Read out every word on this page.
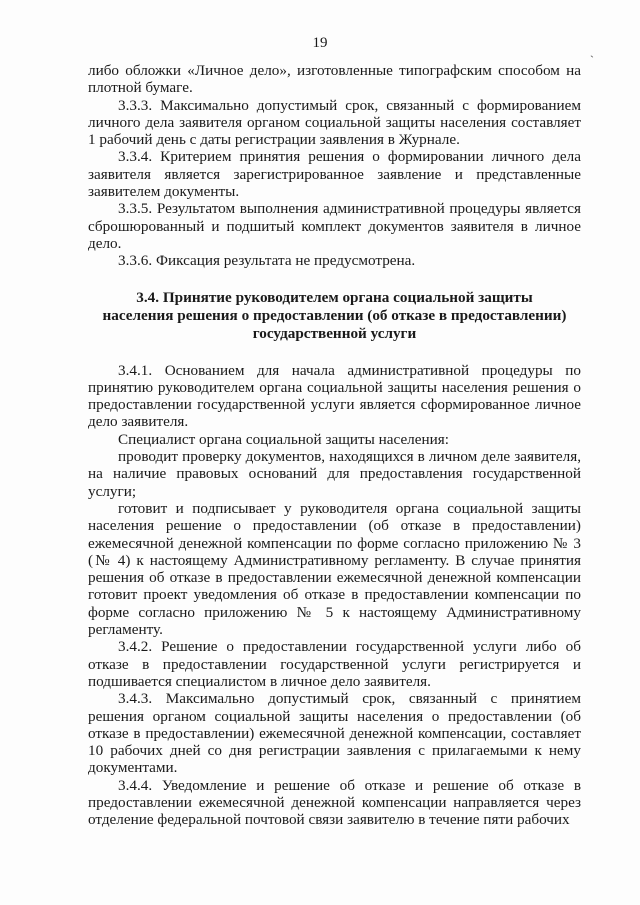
19	ˎ

либо обложки «Личное дело», изготовленные типографским способом на плотной бумаге.

3.3.3. Максимально допустимый срок, связанный с формированием личного дела заявителя органом социальной защиты населения составляет 1 рабочий день с даты регистрации заявления в Журнале.

3.3.4. Критерием принятия решения о формировании личного дела заявителя является зарегистрированное заявление и представленные заявителем документы.

3.3.5. Результатом выполнения административной процедуры является сброшюрованный и подшитый комплект документов заявителя в личное дело.

3.3.6. Фиксация результата не предусмотрена.

3.4. Принятие руководителем органа социальной защиты
населения решения о предоставлении (об отказе в предоставлении)
государственной услуги

3.4.1. Основанием для начала административной процедуры по принятию руководителем органа социальной защиты населения решения о предоставлении государственной услуги является сформированное личное дело заявителя.

Специалист органа социальной защиты населения:

проводит проверку документов, находящихся в личном деле заявителя, на наличие правовых оснований для предоставления государственной услуги;

готовит и подписывает у руководителя органа социальной защиты населения решение о предоставлении (об отказе в предоставлении) ежемесячной денежной компенсации по форме согласно приложению № 3 (№ 4) к настоящему Административному регламенту. В случае принятия решения об отказе в предоставлении ежемесячной денежной компенсации готовит проект уведомления об отказе в предоставлении компенсации по форме согласно приложению № 5 к настоящему Административному регламенту.

3.4.2. Решение о предоставлении государственной услуги либо об отказе в предоставлении государственной услуги регистрируется и подшивается специалистом в личное дело заявителя.

3.4.3. Максимально допустимый срок, связанный с принятием решения органом социальной защиты населения о предоставлении (об отказе в предоставлении) ежемесячной денежной компенсации, составляет 10 рабочих дней со дня регистрации заявления с прилагаемыми к нему документами.

3.4.4. Уведомление и решение об отказе и решение об отказе в предоставлении ежемесячной денежной компенсации направляется через отделение федеральной почтовой связи заявителю в течение пяти рабочих
